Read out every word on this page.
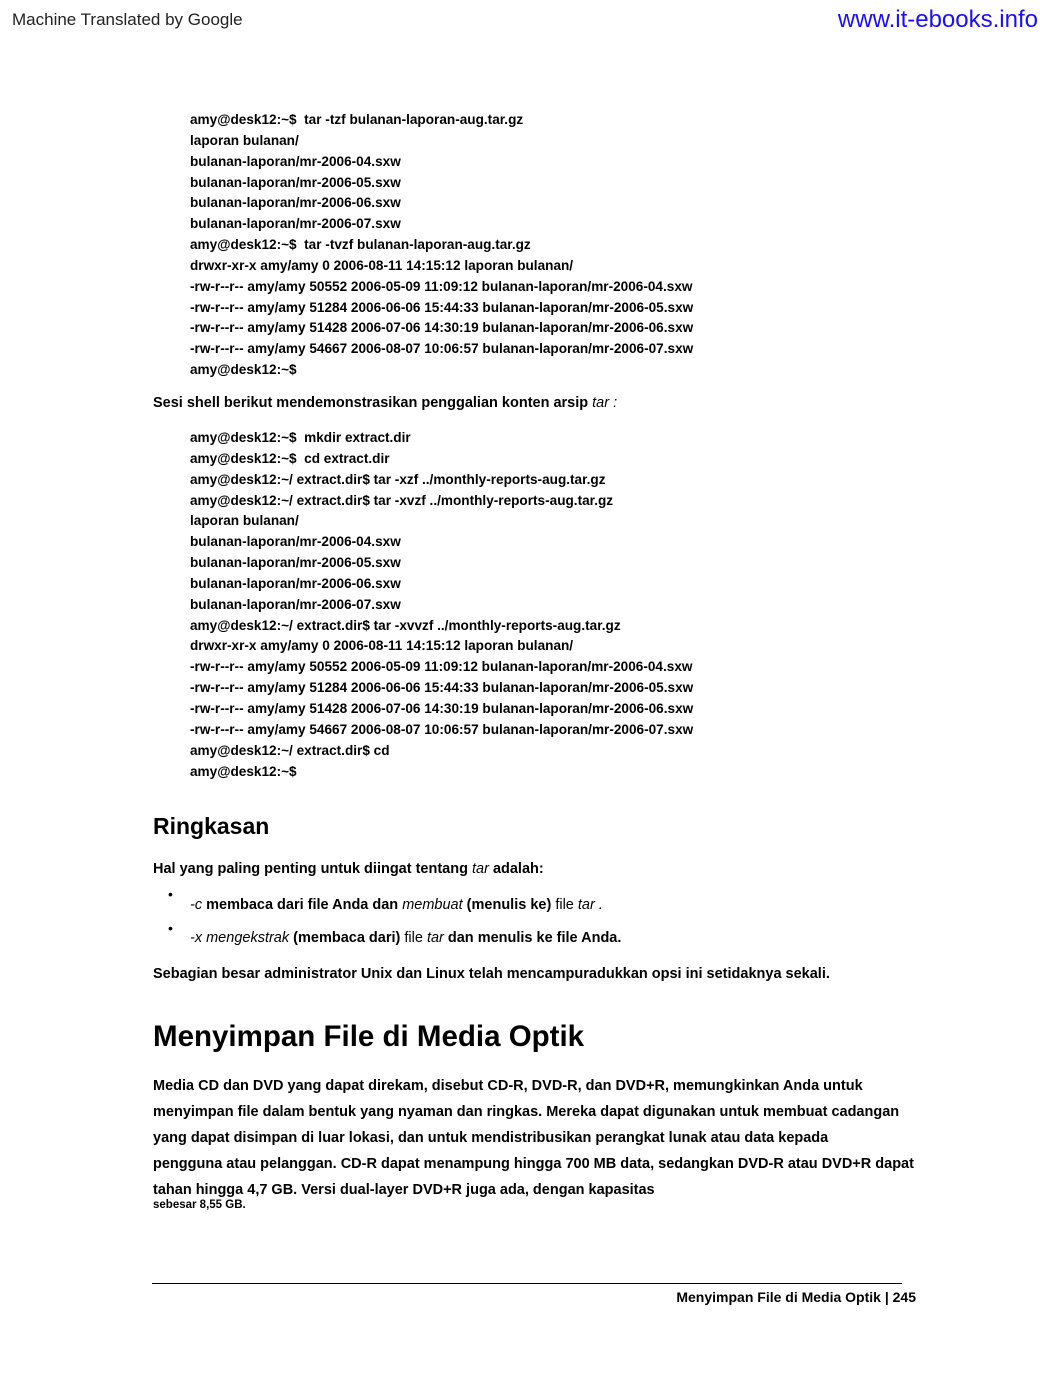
Machine Translated by Google	www.it-ebooks.info
amy@desk12:~$  tar -tzf bulanan-laporan-aug.tar.gz
laporan bulanan/
bulanan-laporan/mr-2006-04.sxw
bulanan-laporan/mr-2006-05.sxw
bulanan-laporan/mr-2006-06.sxw
bulanan-laporan/mr-2006-07.sxw
amy@desk12:~$  tar -tvzf bulanan-laporan-aug.tar.gz
drwxr-xr-x amy/amy 0 2006-08-11 14:15:12 laporan bulanan/
-rw-r--r-- amy/amy 50552 2006-05-09 11:09:12 bulanan-laporan/mr-2006-04.sxw
-rw-r--r-- amy/amy 51284 2006-06-06 15:44:33 bulanan-laporan/mr-2006-05.sxw
-rw-r--r-- amy/amy 51428 2006-07-06 14:30:19 bulanan-laporan/mr-2006-06.sxw
-rw-r--r-- amy/amy 54667 2006-08-07 10:06:57 bulanan-laporan/mr-2006-07.sxw
amy@desk12:~$
Sesi shell berikut mendemonstrasikan penggalian konten arsip tar :
amy@desk12:~$  mkdir extract.dir
amy@desk12:~$  cd extract.dir
amy@desk12:~/ extract.dir$ tar -xzf ../monthly-reports-aug.tar.gz
amy@desk12:~/ extract.dir$ tar -xvzf ../monthly-reports-aug.tar.gz
laporan bulanan/
bulanan-laporan/mr-2006-04.sxw
bulanan-laporan/mr-2006-05.sxw
bulanan-laporan/mr-2006-06.sxw
bulanan-laporan/mr-2006-07.sxw
amy@desk12:~/ extract.dir$ tar -xvvzf ../monthly-reports-aug.tar.gz
drwxr-xr-x amy/amy 0 2006-08-11 14:15:12 laporan bulanan/
-rw-r--r-- amy/amy 50552 2006-05-09 11:09:12 bulanan-laporan/mr-2006-04.sxw
-rw-r--r-- amy/amy 51284 2006-06-06 15:44:33 bulanan-laporan/mr-2006-05.sxw
-rw-r--r-- amy/amy 51428 2006-07-06 14:30:19 bulanan-laporan/mr-2006-06.sxw
-rw-r--r-- amy/amy 54667 2006-08-07 10:06:57 bulanan-laporan/mr-2006-07.sxw
amy@desk12:~/ extract.dir$ cd
amy@desk12:~$
Ringkasan
Hal yang paling penting untuk diingat tentang tar adalah:
•
-c membaca dari file Anda dan membuat (menulis ke) file tar .
•
-x mengekstrak (membaca dari) file tar dan menulis ke file Anda.
Sebagian besar administrator Unix dan Linux telah mencampuradukkan opsi ini setidaknya sekali.
Menyimpan File di Media Optik
Media CD dan DVD yang dapat direkam, disebut CD-R, DVD-R, dan DVD+R, memungkinkan Anda untuk
menyimpan file dalam bentuk yang nyaman dan ringkas. Mereka dapat digunakan untuk membuat cadangan
yang dapat disimpan di luar lokasi, dan untuk mendistribusikan perangkat lunak atau data kepada
pengguna atau pelanggan. CD-R dapat menampung hingga 700 MB data, sedangkan DVD-R atau DVD+R dapat
tahan hingga 4,7 GB. Versi dual-layer DVD+R juga ada, dengan kapasitas
sebesar 8,55 GB.
Menyimpan File di Media Optik | 245
